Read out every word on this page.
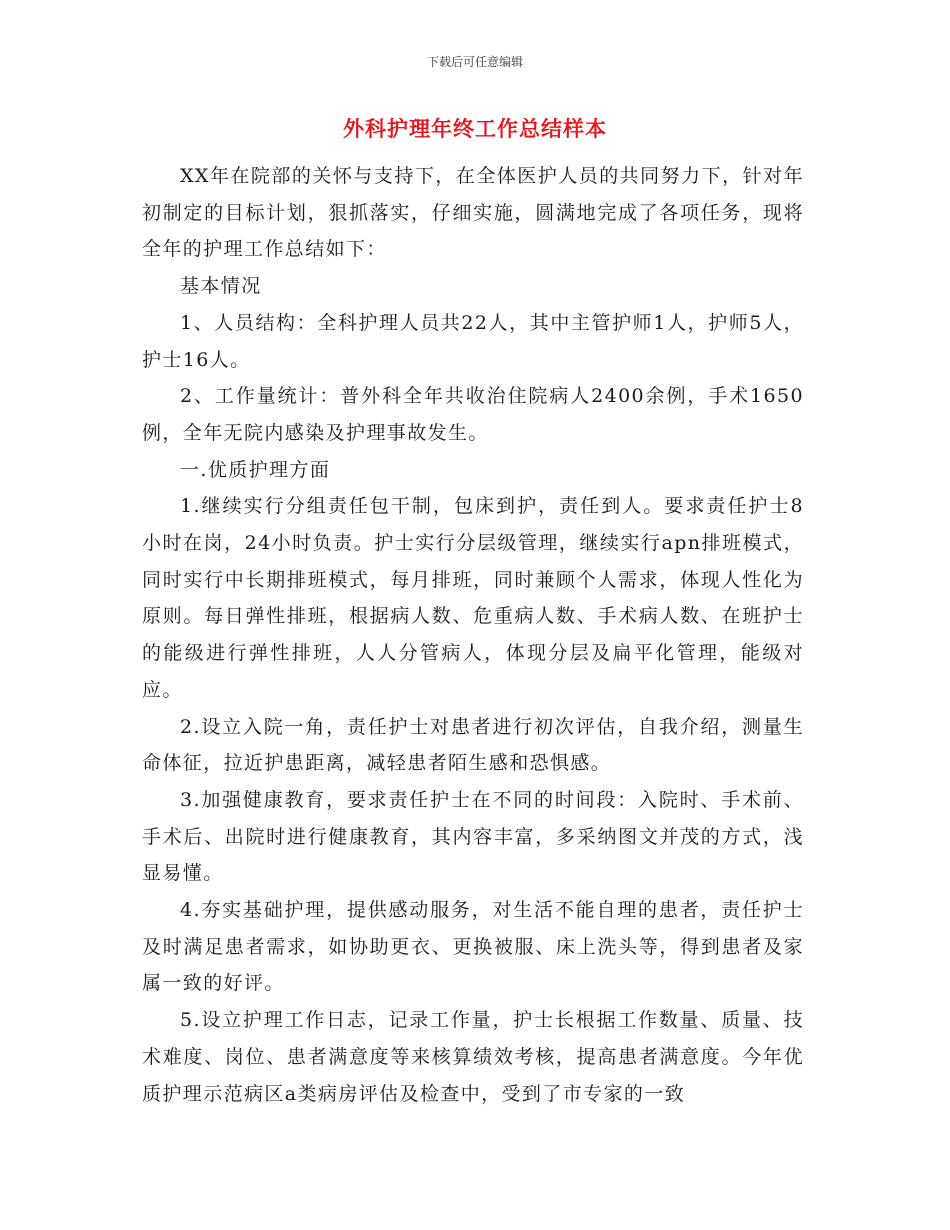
下载后可任意编辑
外科护理年终工作总结样本

XX年在院部的关怀与支持下，在全体医护人员的共同努力下，针对年初制定的目标计划，狠抓落实，仔细实施，圆满地完成了各项任务，现将全年的护理工作总结如下：

基本情况

1、人员结构：全科护理人员共22人，其中主管护师1人，护师5人，护士16人。

2、工作量统计：普外科全年共收治住院病人2400余例，手术1650例，全年无院内感染及护理事故发生。

一.优质护理方面

1.继续实行分组责任包干制，包床到护，责任到人。要求责任护士8小时在岗，24小时负责。护士实行分层级管理，继续实行apn排班模式，同时实行中长期排班模式，每月排班，同时兼顾个人需求，体现人性化为原则。每日弹性排班，根据病人数、危重病人数、手术病人数、在班护士的能级进行弹性排班，人人分管病人，体现分层及扁平化管理，能级对应。

2.设立入院一角，责任护士对患者进行初次评估，自我介绍，测量生命体征，拉近护患距离，减轻患者陌生感和恐惧感。

3.加强健康教育，要求责任护士在不同的时间段：入院时、手术前、手术后、出院时进行健康教育，其内容丰富，多采纳图文并茂的方式，浅显易懂。

4.夯实基础护理，提供感动服务，对生活不能自理的患者，责任护士及时满足患者需求，如协助更衣、更换被服、床上洗头等，得到患者及家属一致的好评。

5.设立护理工作日志，记录工作量，护士长根据工作数量、质量、技术难度、岗位、患者满意度等来核算绩效考核，提高患者满意度。今年优质护理示范病区a类病房评估及检查中，受到了市专家的一致
